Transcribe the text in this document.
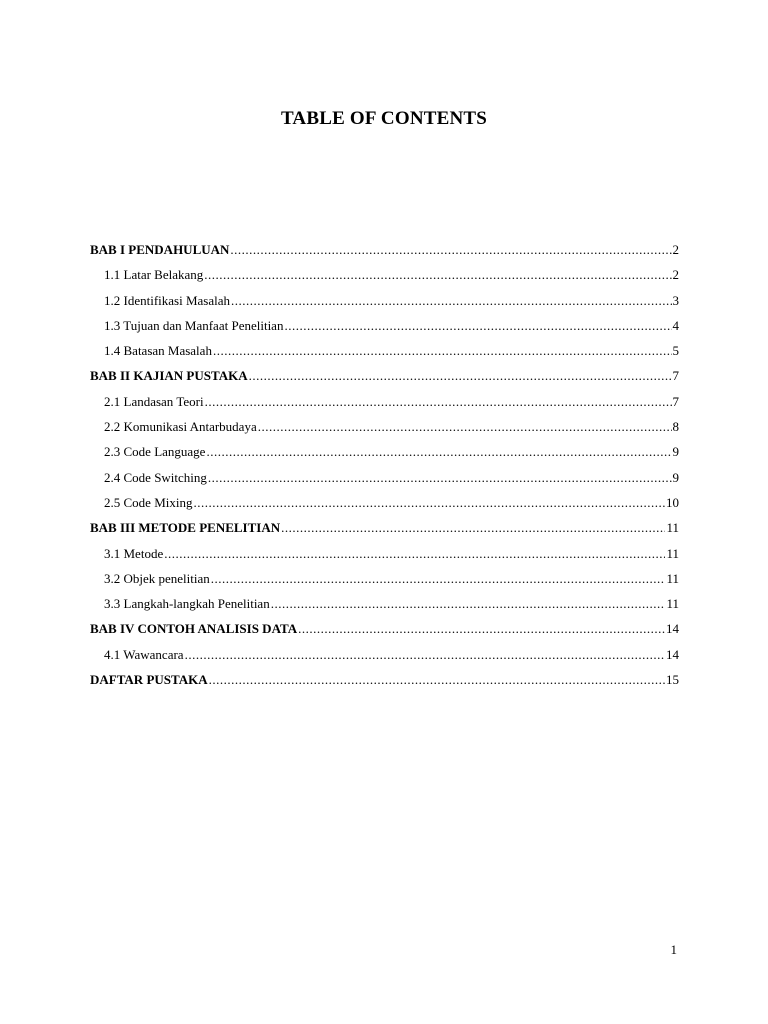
TABLE OF CONTENTS
BAB I PENDAHULUAN .....	2
1.1 Latar Belakang .....	2
1.2 Identifikasi Masalah .....	3
1.3 Tujuan dan Manfaat Penelitian .....	4
1.4 Batasan Masalah .....	5
BAB II KAJIAN PUSTAKA .....	7
2.1 Landasan Teori .....	7
2.2 Komunikasi Antarbudaya .....	8
2.3 Code Language .....	9
2.4 Code Switching .....	9
2.5 Code Mixing .....	10
BAB III METODE PENELITIAN .....	11
3.1 Metode .....	11
3.2 Objek penelitian .....	11
3.3 Langkah-langkah Penelitian .....	11
BAB IV CONTOH ANALISIS DATA .....	14
4.1 Wawancara .....	14
DAFTAR PUSTAKA .....	15
1
